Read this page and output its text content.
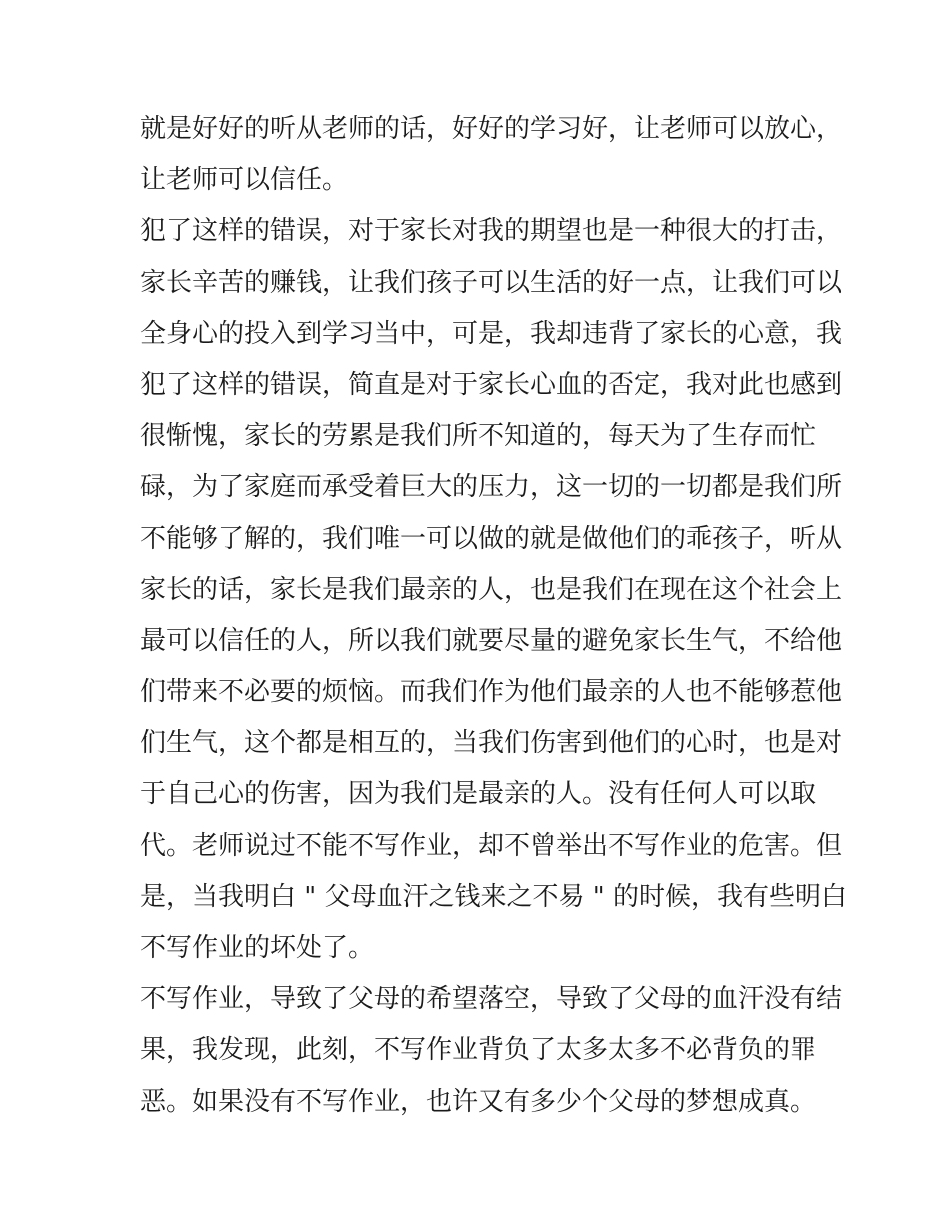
就是好好的听从老师的话，好好的学习好，让老师可以放心，
让老师可以信任。
犯了这样的错误，对于家长对我的期望也是一种很大的打击，
家长辛苦的赚钱，让我们孩子可以生活的好一点，让我们可以
全身心的投入到学习当中，可是，我却违背了家长的心意，我
犯了这样的错误，简直是对于家长心血的否定，我对此也感到
很惭愧，家长的劳累是我们所不知道的，每天为了生存而忙
碌，为了家庭而承受着巨大的压力，这一切的一切都是我们所
不能够了解的，我们唯一可以做的就是做他们的乖孩子，听从
家长的话，家长是我们最亲的人，也是我们在现在这个社会上
最可以信任的人，所以我们就要尽量的避免家长生气，不给他
们带来不必要的烦恼。而我们作为他们最亲的人也不能够惹他
们生气，这个都是相互的，当我们伤害到他们的心时，也是对
于自己心的伤害，因为我们是最亲的人。没有任何人可以取
代。老师说过不能不写作业，却不曾举出不写作业的危害。但
是，当我明白 " 父母血汗之钱来之不易 " 的时候，我有些明白
不写作业的坏处了。
不写作业，导致了父母的希望落空，导致了父母的血汗没有结
果，我发现，此刻，不写作业背负了太多太多不必背负的罪
恶。如果没有不写作业，也许又有多少个父母的梦想成真。
